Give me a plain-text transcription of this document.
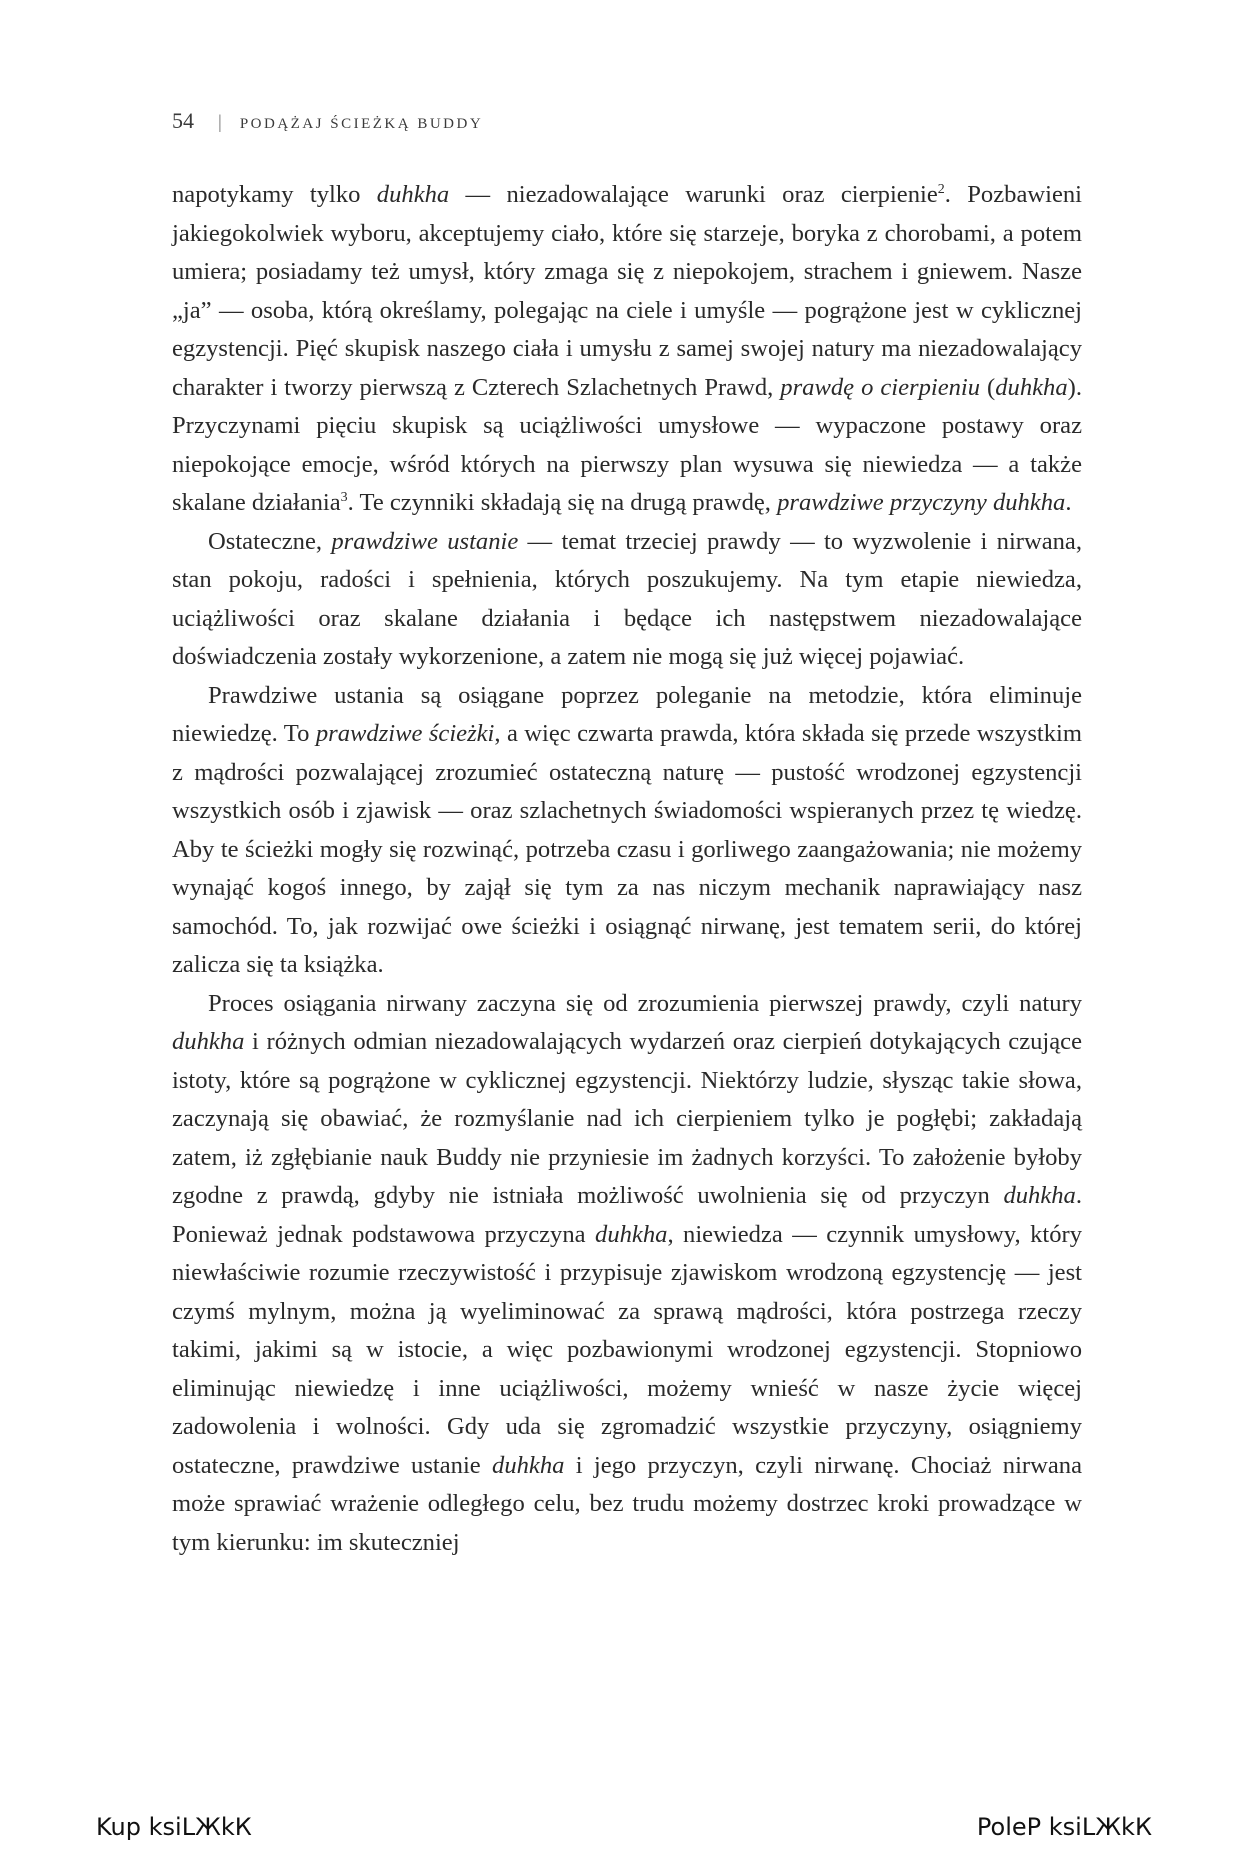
54 | PODĄŻAJ ŚCIEŻKĄ BUDDY

napotykamy tylko duhkha — niezadowalające warunki oraz cierpienie$^2$. Pozbawieni jakiegokolwiek wyboru, akceptujemy ciało, które się starzeje, boryka z chorobami, a potem umiera; posiadamy też umysł, który zmaga się z niepokojem, strachem i gniewem. Nasze „ja” — osoba, którą określamy, polegając na ciele i umyśle — pogrążone jest w cyklicznej egzystencji. Pięć skupisk naszego ciała i umysłu z samej swojej natury ma niezadowalający charakter i tworzy pierwszą z Czterech Szlachetnych Prawd, prawdę o cierpieniu (duhkha). Przyczynami pięciu skupisk są uciążliwości umysłowe — wypaczone postawy oraz niepokojące emocje, wśród których na pierwszy plan wysuwa się niewiedza — a także skalane działania$^3$. Te czynniki składają się na drugą prawdę, prawdziwe przyczyny duhkha.

Ostateczne, prawdziwe ustanie — temat trzeciej prawdy — to wyzwolenie i nirwana, stan pokoju, radości i spełnienia, których poszukujemy. Na tym etapie niewiedza, uciążliwości oraz skalane działania i będące ich następstwem niezadowalające doświadczenia zostały wykorzenione, a zatem nie mogą się już więcej pojawiać.

Prawdziwe ustania są osiągane poprzez poleganie na metodzie, która eliminuje niewiedzę. To prawdziwe ścieżki, a więc czwarta prawda, która składa się przede wszystkim z mądrości pozwalającej zrozumieć ostateczną naturę — pustość wrodzonej egzystencji wszystkich osób i zjawisk — oraz szlachetnych świadomości wspieranych przez tę wiedzę. Aby te ścieżki mogły się rozwinąć, potrzeba czasu i gorliwego zaangażowania; nie możemy wynająć kogoś innego, by zajął się tym za nas niczym mechanik naprawiający nasz samochód. To, jak rozwijać owe ścieżki i osiągnąć nirwanę, jest tematem serii, do której zalicza się ta książka.

Proces osiągania nirwany zaczyna się od zrozumienia pierwszej prawdy, czyli natury duhkha i różnych odmian niezadowalających wydarzeń oraz cierpień dotykających czujące istoty, które są pogrążone w cyklicznej egzystencji. Niektórzy ludzie, słysząc takie słowa, zaczynają się obawiać, że rozmyślanie nad ich cierpieniem tylko je pogłębi; zakładają zatem, iż zgłębianie nauk Buddy nie przyniesie im żadnych korzyści. To założenie byłoby zgodne z prawdą, gdyby nie istniała możliwość uwolnienia się od przyczyn duhkha. Ponieważ jednak podstawowa przyczyna duhkha, niewiedza — czynnik umysłowy, który niewłaściwie rozumie rzeczywistość i przypisuje zjawiskom wrodzoną egzystencję — jest czymś mylnym, można ją wyeliminować za sprawą mądrości, która postrzega rzeczy takimi, jakimi są w istocie, a więc pozbawionymi wrodzonej egzystencji. Stopniowo eliminując niewiedzę i inne uciążliwości, możemy wnieść w nasze życie więcej zadowolenia i wolności. Gdy uda się zgromadzić wszystkie przyczyny, osiągniemy ostateczne, prawdziwe ustanie duhkha i jego przyczyn, czyli nirwanę. Chociaż nirwana może sprawiać wrażenie odległego celu, bez trudu możemy dostrzec kroki prowadzące w tym kierunku: im skuteczniej

Kup ksiLЖkК	PoleР ksiLЖkК
